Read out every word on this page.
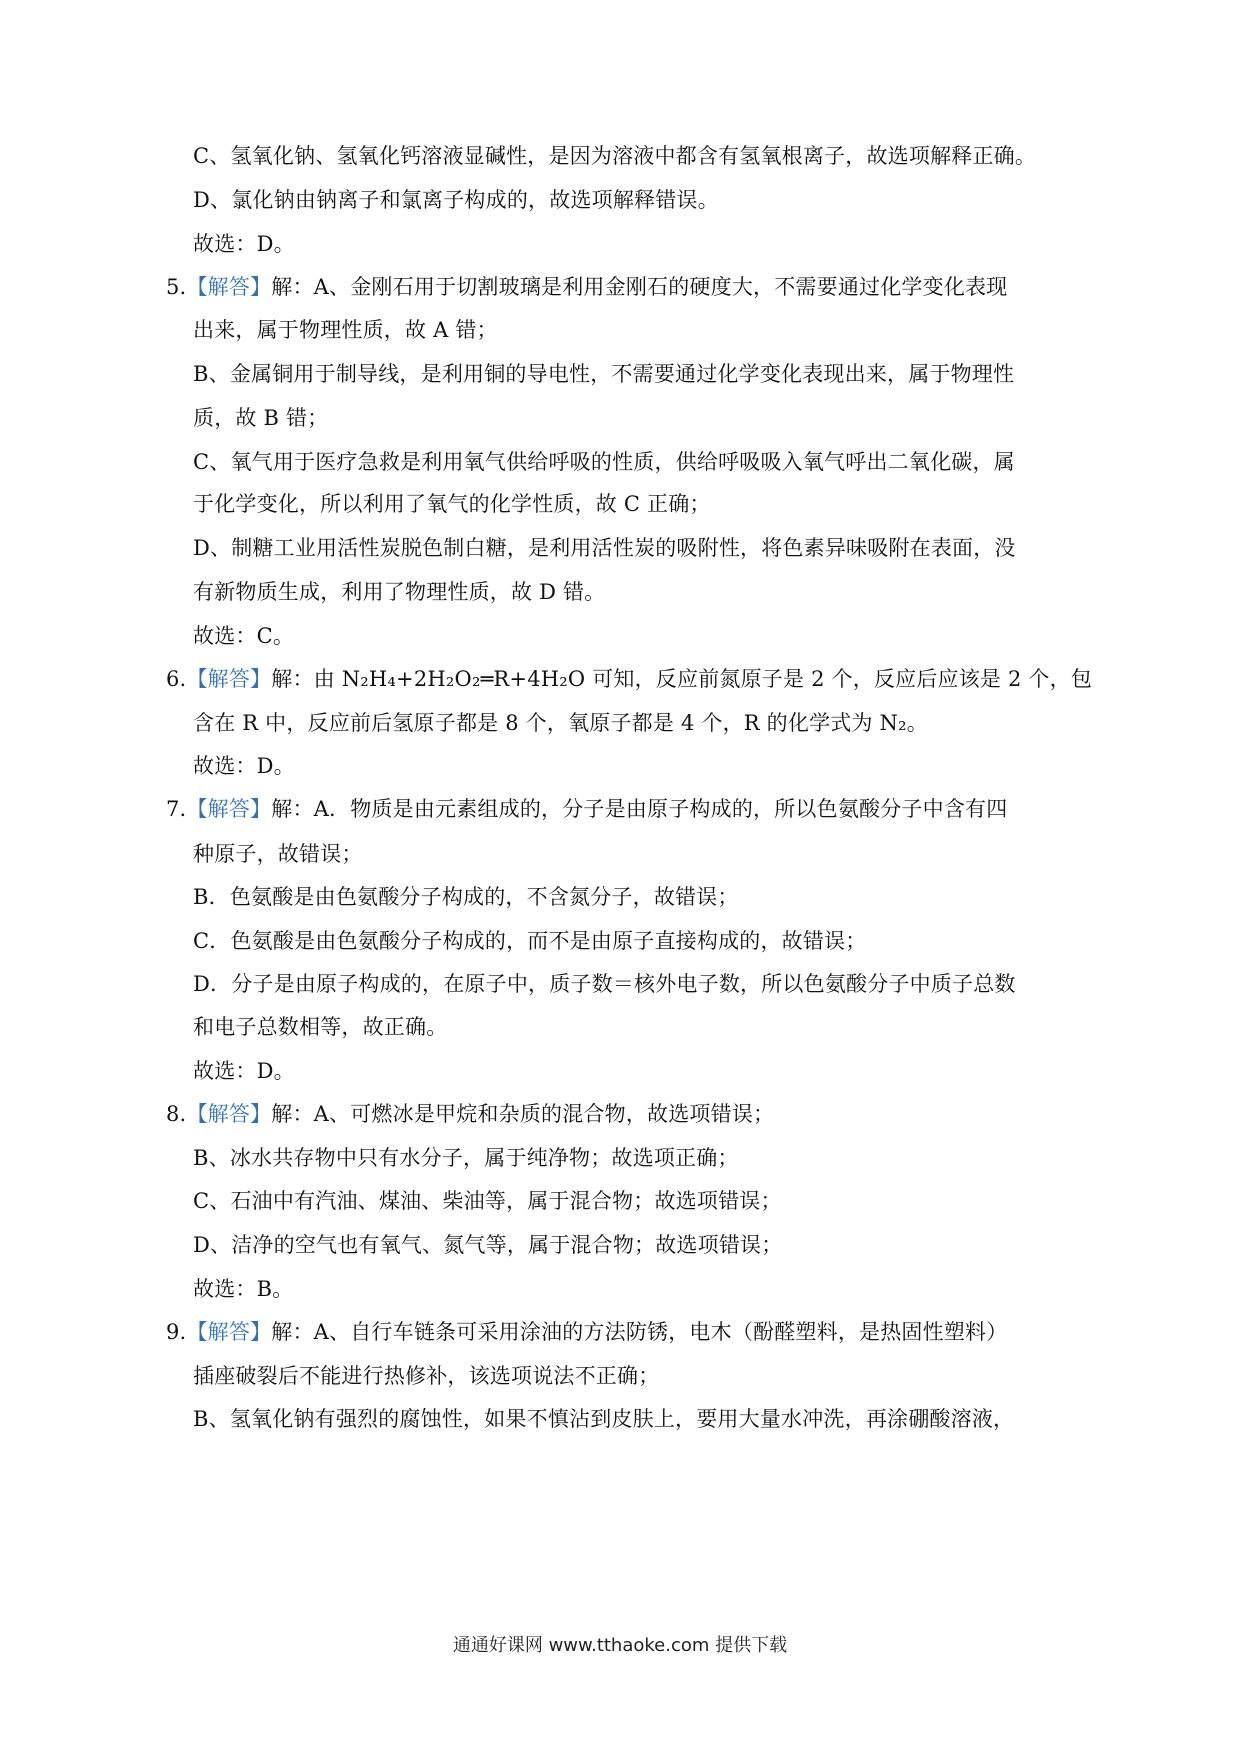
C、氢氧化钠、氢氧化钙溶液显碱性，是因为溶液中都含有氢氧根离子，故选项解释正确。
D、氯化钠由钠离子和氯离子构成的，故选项解释错误。
故选：D。
5.【解答】解：A、金刚石用于切割玻璃是利用金刚石的硬度大，不需要通过化学变化表现
出来，属于物理性质，故 A 错；
B、金属铜用于制导线，是利用铜的导电性，不需要通过化学变化表现出来，属于物理性
质，故 B 错；
C、氧气用于医疗急救是利用氧气供给呼吸的性质，供给呼吸吸入氧气呼出二氧化碳，属
于化学变化，所以利用了氧气的化学性质，故 C 正确；
D、制糖工业用活性炭脱色制白糖，是利用活性炭的吸附性，将色素异味吸附在表面，没
有新物质生成，利用了物理性质，故 D 错。
故选：C。
6.【解答】解：由 N₂H₄+2H₂O₂═R+4H₂O 可知，反应前氮原子是 2 个，反应后应该是 2 个，包
含在 R 中，反应前后氢原子都是 8 个，氧原子都是 4 个，R 的化学式为 N₂。
故选：D。
7.【解答】解：A．物质是由元素组成的，分子是由原子构成的，所以色氨酸分子中含有四
种原子，故错误；
B．色氨酸是由色氨酸分子构成的，不含氮分子，故错误；
C．色氨酸是由色氨酸分子构成的，而不是由原子直接构成的，故错误；
D．分子是由原子构成的，在原子中，质子数＝核外电子数，所以色氨酸分子中质子总数
和电子总数相等，故正确。
故选：D。
8.【解答】解：A、可燃冰是甲烷和杂质的混合物，故选项错误；
B、冰水共存物中只有水分子，属于纯净物；故选项正确；
C、石油中有汽油、煤油、柴油等，属于混合物；故选项错误；
D、洁净的空气也有氧气、氮气等，属于混合物；故选项错误；
故选：B。
9.【解答】解：A、自行车链条可采用涂油的方法防锈，电木（酚醛塑料，是热固性塑料）
插座破裂后不能进行热修补，该选项说法不正确；
B、氢氧化钠有强烈的腐蚀性，如果不慎沾到皮肤上，要用大量水冲洗，再涂硼酸溶液，
通通好课网 www.tthaoke.com 提供下载
